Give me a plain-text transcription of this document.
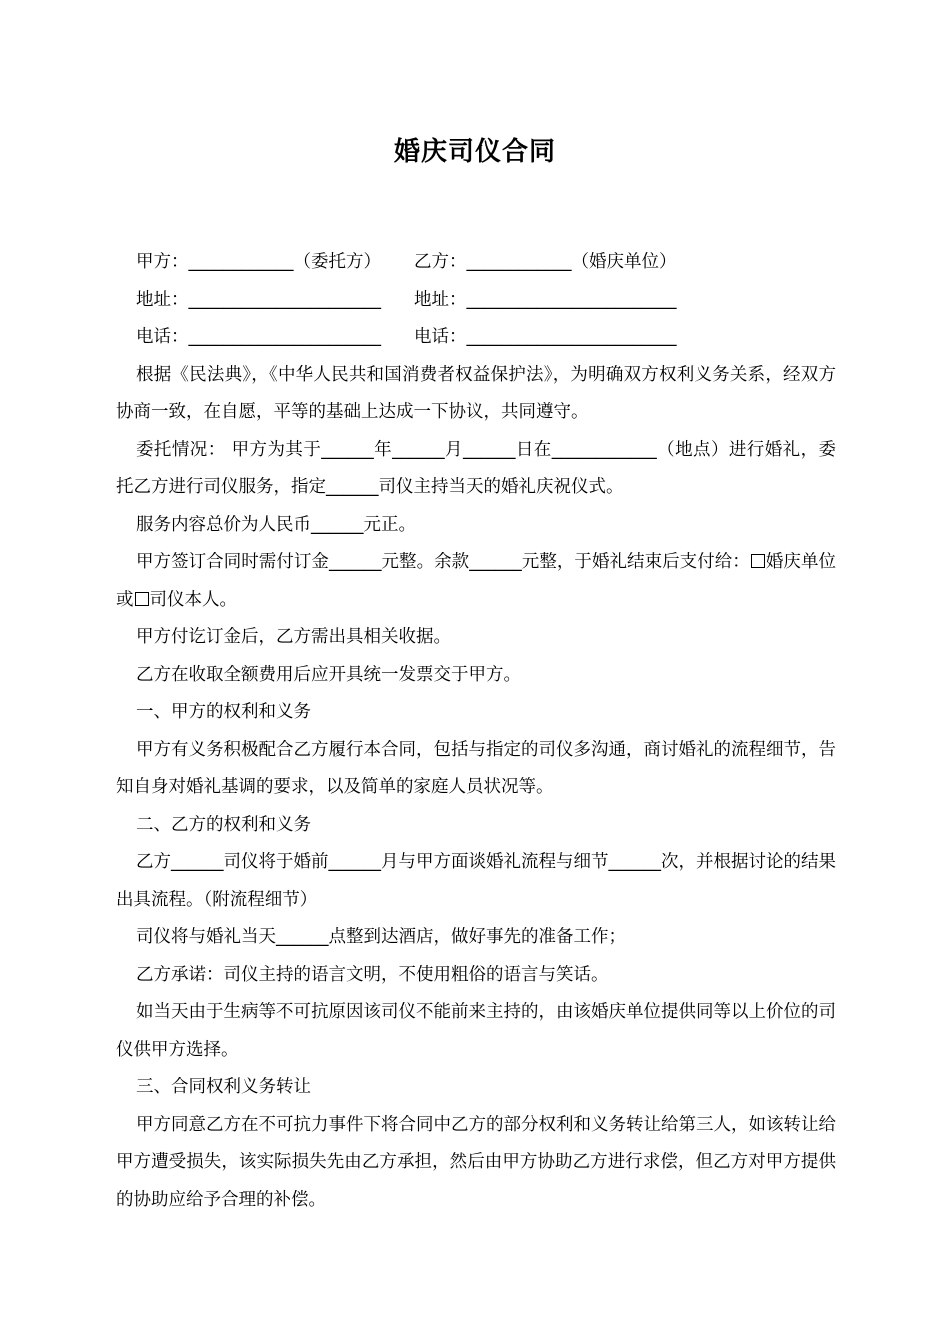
婚庆司仪合同
甲方：____________（委托方）	乙方：____________（婚庆单位）
地址：______________________	地址：________________________
电话：______________________	电话：________________________
根据《民法典》，《中华人民共和国消费者权益保护法》，为明确双方权利义务关系，经双方协商一致，在自愿，平等的基础上达成一下协议，共同遵守。
委托情况： 甲方为其于______年______月______日在____________（地点）进行婚礼，委托乙方进行司仪服务，指定______司仪主持当天的婚礼庆祝仪式。
服务内容总价为人民币______元正。
甲方签订合同时需付订金______元整。余款______元整，于婚礼结束后支付给： 婚庆单位或 司仪本人。
甲方付讫订金后，乙方需出具相关收据。
乙方在收取全额费用后应开具统一发票交于甲方。
一、甲方的权利和义务
甲方有义务积极配合乙方履行本合同，包括与指定的司仪多沟通，商讨婚礼的流程细节，告知自身对婚礼基调的要求，以及简单的家庭人员状况等。
二、乙方的权利和义务
乙方______司仪将于婚前______月与甲方面谈婚礼流程与细节______次，并根据讨论的结果出具流程。（附流程细节）
司仪将与婚礼当天______点整到达酒店，做好事先的准备工作；
乙方承诺：司仪主持的语言文明，不使用粗俗的语言与笑话。
如当天由于生病等不可抗原因该司仪不能前来主持的，由该婚庆单位提供同等以上价位的司仪供甲方选择。
三、合同权利义务转让
甲方同意乙方在不可抗力事件下将合同中乙方的部分权利和义务转让给第三人，如该转让给甲方遭受损失，该实际损失先由乙方承担，然后由甲方协助乙方进行求偿，但乙方对甲方提供的协助应给予合理的补偿。
